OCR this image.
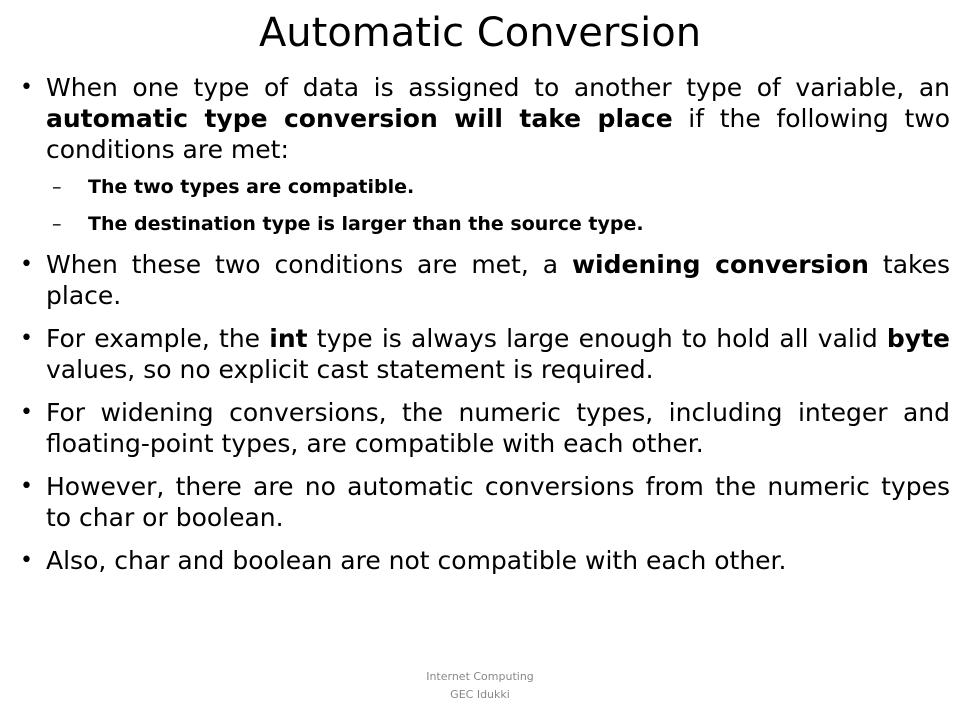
Automatic Conversion
• When one type of data is assigned to another type of variable, an automatic type conversion will take place if the following two conditions are met:
– The two types are compatible.
– The destination type is larger than the source type.
• When these two conditions are met, a widening conversion takes place.
• For example, the int type is always large enough to hold all valid byte values, so no explicit cast statement is required.
• For widening conversions, the numeric types, including integer and floating-point types, are compatible with each other.
• However, there are no automatic conversions from the numeric types to char or boolean.
• Also, char and boolean are not compatible with each other.
Internet Computing
GEC Idukki
